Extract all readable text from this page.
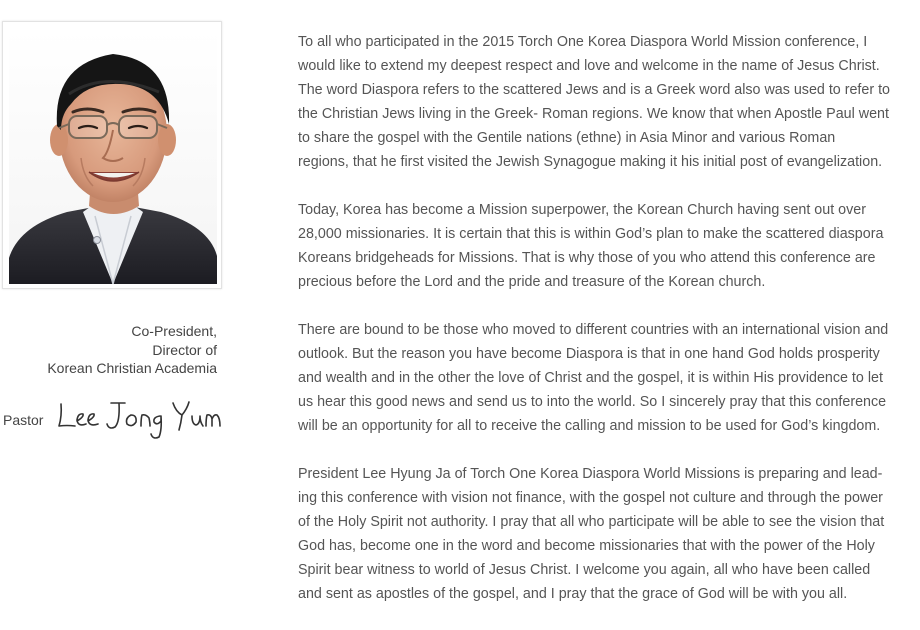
Co-President,
Director of
Korean Christian Academia
Pastor

To all who participated in the 2015 Torch One Korea Diaspora World Mission conference, I
would like to extend my deepest respect and love and welcome in the name of Jesus Christ.
The word Diaspora refers to the scattered Jews and is a Greek word also was used to refer to
the Christian Jews living in the Greek- Roman regions. We know that when Apostle Paul went
to share the gospel with the Gentile nations (ethne) in Asia Minor and various Roman
regions, that he first visited the Jewish Synagogue making it his initial post of evangelization.

Today, Korea has become a Mission superpower, the Korean Church having sent out over
28,000 missionaries. It is certain that this is within God’s plan to make the scattered diaspora
Koreans bridgeheads for Missions. That is why those of you who attend this conference are
precious before the Lord and the pride and treasure of the Korean church.

There are bound to be those who moved to different countries with an international vision and
outlook. But the reason you have become Diaspora is that in one hand God holds prosperity
and wealth and in the other the love of Christ and the gospel, it is within His providence to let
us hear this good news and send us to into the world. So I sincerely pray that this conference
will be an opportunity for all to receive the calling and mission to be used for God’s kingdom.

President Lee Hyung Ja of Torch One Korea Diaspora World Missions is preparing and lead-
ing this conference with vision not finance, with the gospel not culture and through the power
of the Holy Spirit not authority. I pray that all who participate will be able to see the vision that
God has, become one in the word and become missionaries that with the power of the Holy
Spirit bear witness to world of Jesus Christ. I welcome you again, all who have been called
and sent as apostles of the gospel, and I pray that the grace of God will be with you all.
